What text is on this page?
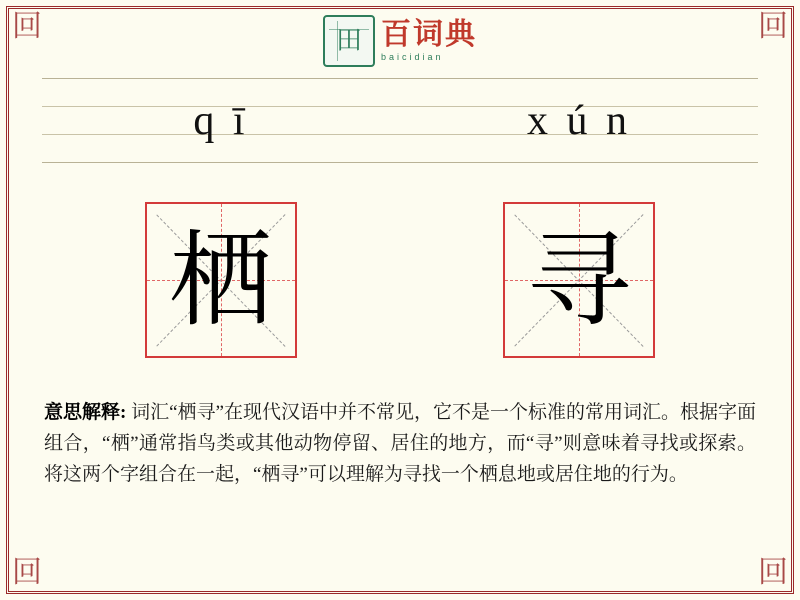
回	回
回	回
田 百词典
baicidian
q ī	x ú n
栖 寻
意思解释: 词汇“栖寻”在现代汉语中并不常见，它不是一个标准的常用词汇。根据字面组合，“栖”通常指鸟类或其他动物停留、居住的地方，而“寻”则意味着寻找或探索。将这两个字组合在一起，“栖寻”可以理解为寻找一个栖息地或居住地的行为。
